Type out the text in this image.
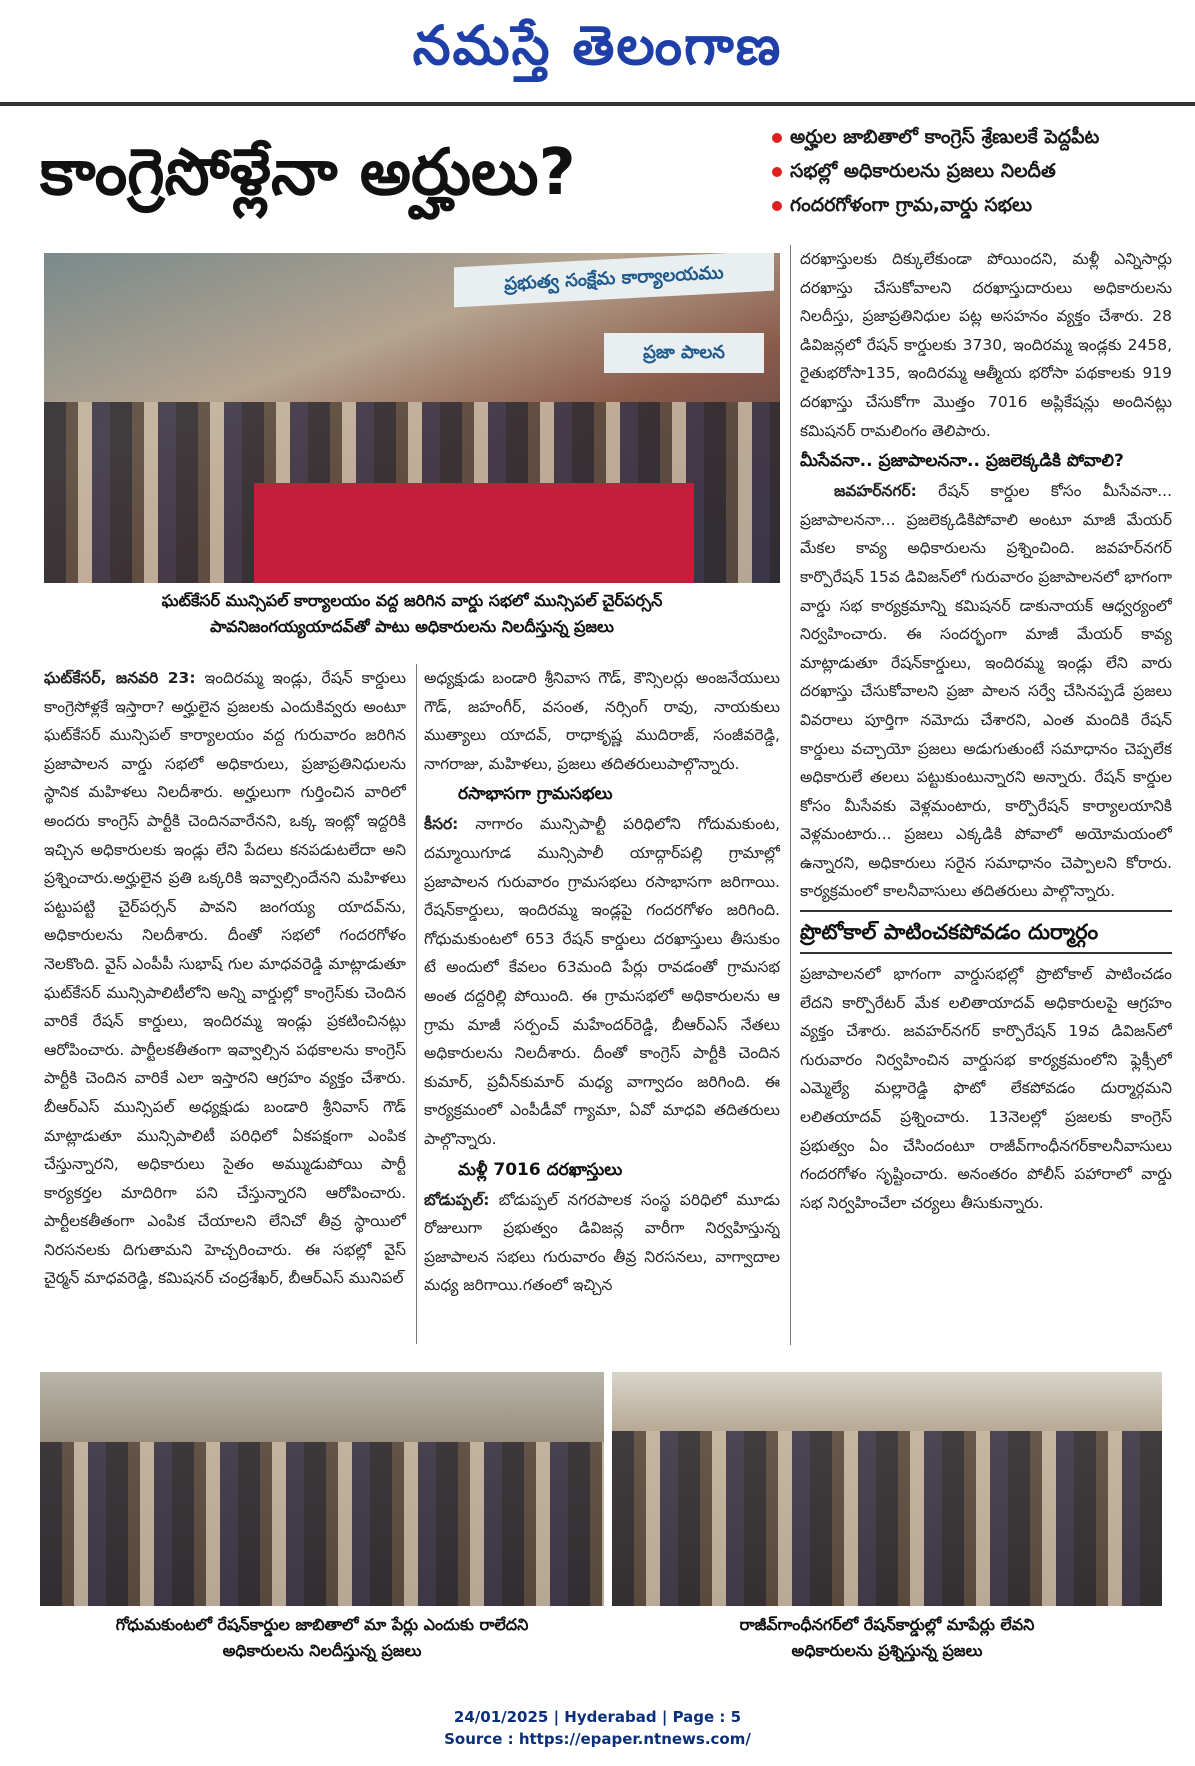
నమస్తే తెలంగాణ
కాంగ్రెసోళ్లేనా అర్హులు?	అర్హుల జాబితాలో కాంగ్రెస్ శ్రేణులకే పెద్దపీట
సభల్లో అధికారులను ప్రజలు నిలదీత
గందరగోళంగా గ్రామ,వార్డు సభలు
ప్రభుత్వ సంక్షేమ కార్యాలయము
ప్రజా పాలన
ఘట్‌కేసర్ మున్సిపల్ కార్యాలయం వద్ద జరిగిన వార్డు సభలో మున్సిపల్ చైర్‌పర్సన్
పావనిజంగయ్యయాదవ్‌తో పాటు అధికారులను నిలదీస్తున్న ప్రజలు

ఘట్‌కేసర్, జనవరి 23: ఇందిరమ్మ ఇండ్లు, రేషన్ కార్డులు కాంగ్రెసోళ్లకే ఇస్తారా? అర్హులైన ప్రజలకు ఎందుకివ్వరు అంటూ ఘట్‌కేసర్ మున్సిపల్ కార్యాలయం వద్ద గురువారం జరిగిన ప్రజాపాలన వార్డు సభలో అధికారులు, ప్రజాప్రతినిధులను స్థానిక మహిళలు నిలదీశారు. అర్హులుగా గుర్తించిన వారిలో అందరు కాంగ్రెస్ పార్టీకి చెందినవారేనని, ఒక్క ఇంట్లో ఇద్దరికి ఇచ్చిన అధికారులకు ఇండ్లు లేని పేదలు కనపడుటలేదా అని ప్రశ్నించారు.అర్హులైన ప్రతి ఒక్కరికి ఇవ్వాల్సిందేనని మహిళలు పట్టుపట్టి చైర్‌పర్సన్ పావని జంగయ్య యాదవ్‌ను, అధికారులను నిలదీశారు. దీంతో సభలో గందరగోళం నెలకొంది. వైస్ ఎంపీపీ సుభాష్ గుల మాధవరెడ్డి మాట్లాడుతూ ఘట్‌కేసర్ మున్సిపాలిటీలోని అన్ని వార్డుల్లో కాంగ్రెస్‌కు చెందిన వారికే రేషన్ కార్డులు, ఇందిరమ్మ ఇండ్లు ప్రకటించినట్లు ఆరోపించారు. పార్టీలకతీతంగా ఇవ్వాల్సిన పథకాలను కాంగ్రెస్ పార్టీకి చెందిన వారికే ఎలా ఇస్తారని ఆగ్రహం వ్యక్తం చేశారు. బీఆర్‌ఎస్ మున్సిపల్ అధ్యక్షుడు బండారి శ్రీనివాస్ గౌడ్ మాట్లాడుతూ మున్సిపాలిటీ పరిధిలో ఏకపక్షంగా ఎంపిక చేస్తున్నారని, అధికారులు సైతం అమ్ముడుపోయి పార్టీ కార్యకర్తల మాదిరిగా పని చేస్తున్నారని ఆరోపించారు. పార్టీలకతీతంగా ఎంపిక చేయాలని లేనిచో తీవ్ర స్థాయిలో నిరసనలకు దిగుతామని హెచ్చరించారు. ఈ సభల్లో వైస్ చైర్మన్ మాధవరెడ్డి, కమిషనర్ చంద్రశేఖర్, బీఆర్‌ఎస్ మునిపల్

అధ్యక్షుడు బండారి శ్రీనివాస గౌడ్, కౌన్సిలర్లు అంజనేయులు గౌడ్, జహంగీర్, వసంత, నర్సింగ్ రావు, నాయకులు ముత్యాలు యాదవ్, రాధాకృష్ణ ముదిరాజ్, సంజీవరెడ్డి, నాగరాజు, మహిళలు, ప్రజలు తదితరులుపాల్గొన్నారు.

రసాభాసగా గ్రామసభలు

కీసర: నాగారం మున్సిపాల్టీ పరిధిలోని గోదుమకుంట, దమ్మాయిగూడ మున్సిపాలీ యాద్గార్‌పల్లి గ్రామాల్లో ప్రజాపాలన గురువారం గ్రామసభలు రసాభాసగా జరిగాయి. రేషన్‌కార్డులు, ఇందిరమ్మ ఇండ్లపై గందరగోళం జరిగింది. గోధుమకుంటలో 653 రేషన్ కార్డులు దరఖాస్తులు తీసుకుం టే అందులో కేవలం 63మంది పేర్లు రావడంతో గ్రామసభ అంత దద్దరిల్లి పోయింది. ఈ గ్రామసభలో అధికారులను ఆ గ్రామ మాజీ సర్పంచ్ మహేందర్‌రెడ్డి, బీఆర్‌ఎస్ నేతలు అధికారులను నిలదీశారు. దీంతో కాంగ్రెస్ పార్టీకి చెందిన కుమార్, ప్రవీన్‌కుమార్ మధ్య వాగ్వాదం జరిగింది. ఈ కార్యక్రమంలో ఎంపీడీవో గ్యామా, ఏవో మాధవి తదితరులు పాల్గొన్నారు.

మళ్లీ 7016 దరఖాస్తులు

బోడుప్పల్: బోడుప్పల్ నగరపాలక సంస్థ పరిధిలో మూడు రోజులుగా ప్రభుత్వం డివిజన్ల వారీగా నిర్వహిస్తున్న ప్రజాపాలన సభలు గురువారం తీవ్ర నిరసనలు, వాగ్వాదాల మధ్య జరిగాయి.గతంలో ఇచ్చిన

దరఖాస్తులకు దిక్కులేకుండా పోయిందని, మళ్లీ ఎన్నిసార్లు దరఖాస్తు చేసుకోవాలని దరఖాస్తుదారులు అధికారులను నిలదీస్తు, ప్రజాప్రతినిధుల పట్ల అసహనం వ్యక్తం చేశారు. 28 డివిజన్లలో రేషన్ కార్డులకు 3730, ఇందిరమ్మ ఇండ్లకు 2458, రైతుభరోసా135, ఇందిరమ్మ ఆత్మీయ భరోసా పథకాలకు 919 దరఖాస్తు చేసుకోగా మొత్తం 7016 అప్లికేషన్లు అందినట్లు కమిషనర్ రామలింగం తెలిపారు.

మీసేవనా.. ప్రజాపాలననా.. ప్రజలెక్కడికి పోవాలి?

జవహర్‌నగర్: రేషన్ కార్డుల కోసం మీసేవనా... ప్రజాపాలననా... ప్రజలెక్కడికిపోవాలి అంటూ మాజీ మేయర్ మేకల కావ్య అధికారులను ప్రశ్నించింది. జవహర్‌నగర్ కార్పొరేషన్ 15వ డివిజన్‌లో గురువారం ప్రజాపాలనలో భాగంగా వార్డు సభ కార్యక్రమాన్ని కమిషనర్ డాకునాయక్ ఆధ్వర్యంలో నిర్వహించారు. ఈ సందర్భంగా మాజీ మేయర్ కావ్య మాట్లాడుతూ రేషన్‌కార్డులు, ఇందిరమ్మ ఇండ్లు లేని వారు దరఖాస్తు చేసుకోవాలని ప్రజా పాలన సర్వే చేసినప్పడే ప్రజలు వివరాలు పూర్తిగా నమోదు చేశారని, ఎంత మందికి రేషన్ కార్డులు వచ్చాయో ప్రజలు అడుగుతుంటే సమాధానం చెప్పలేక అధికారులే తలలు పట్టుకుంటున్నారని అన్నారు. రేషన్ కార్డుల కోసం మీసేవకు వెళ్లమంటారు, కార్పొరేషన్ కార్యాలయానికి వెళ్లమంటారు... ప్రజలు ఎక్కడికి పోవాలో అయోమయంలో ఉన్నారని, అధికారులు సరైన సమాధానం చెప్పాలని కోరారు. కార్యక్రమంలో కాలనీవాసులు తదితరులు పాల్గొన్నారు.

ప్రొటోకాల్ పాటించకపోవడం దుర్మార్గం

ప్రజాపాలనలో భాగంగా వార్డుసభల్లో ప్రొటోకాల్ పాటించడం లేదని కార్పొరేటర్ మేక లలితాయాదవ్ అధికారులపై ఆగ్రహం వ్యక్తం చేశారు. జవహర్‌నగర్ కార్పొరేషన్ 19వ డివిజన్‌లో గురువారం నిర్వహించిన వార్డుసభ కార్యక్రమంలోని ఫ్లెక్సీలో ఎమ్మెల్యే మల్లారెడ్డి ఫొటో లేకపోవడం దుర్మార్గమని లలితయాదవ్ ప్రశ్నించారు. 13నెలల్లో ప్రజలకు కాంగ్రెస్ ప్రభుత్వం ఏం చేసిందంటూ రాజీవ్‌గాంధీనగర్‌కాలనీవాసులు గందరగోళం సృష్టించారు. అనంతరం పోలీస్ పహారాలో వార్డు సభ నిర్వహించేలా చర్యలు తీసుకున్నారు.

గోధుమకుంటలో రేషన్‌కార్డుల జాబితాలో మా పేర్లు ఎందుకు రాలేదని
అధికారులను నిలదీస్తున్న ప్రజలు
రాజీవ్‌గాంధీనగర్‌లో రేషన్‌కార్డుల్లో మాపేర్లు లేవని
అధికారులను ప్రశ్నిస్తున్న ప్రజలు
24/01/2025 | Hyderabad | Page : 5
Source : https://epaper.ntnews.com/
